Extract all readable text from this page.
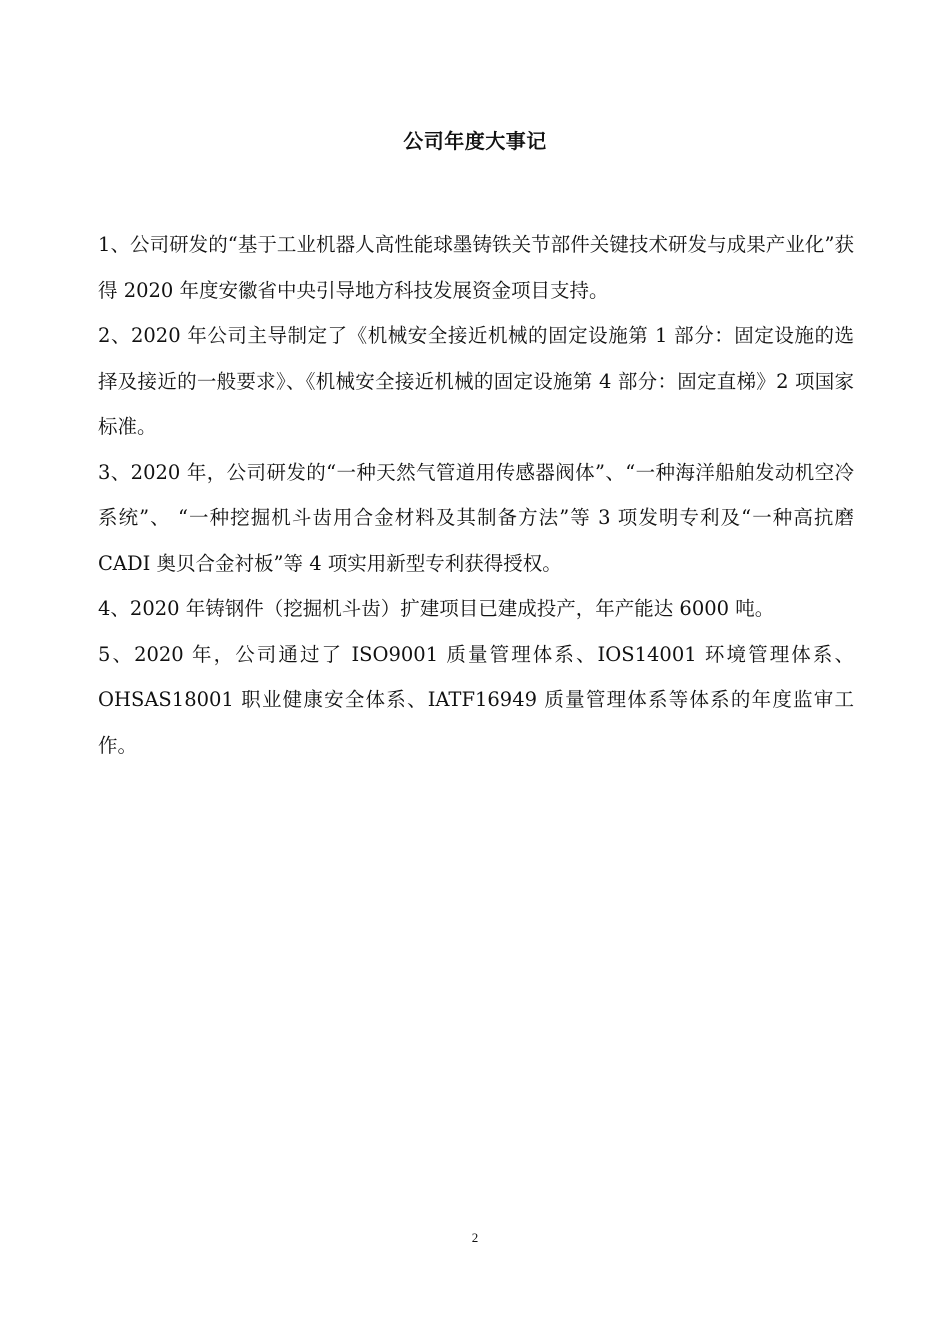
公司年度大事记

1、公司研发的“基于工业机器人高性能球墨铸铁关节部件关键技术研发与成果产业化”获得 2020 年度安徽省中央引导地方科技发展资金项目支持。

2、2020 年公司主导制定了《机械安全接近机械的固定设施第 1 部分：固定设施的选择及接近的一般要求》、《机械安全接近机械的固定设施第 4 部分：固定直梯》2 项国家标准。

3、2020 年，公司研发的“一种天然气管道用传感器阀体”、“一种海洋船舶发动机空冷系统”、 “一种挖掘机斗齿用合金材料及其制备方法”等 3 项发明专利及“一种高抗磨 CADI 奥贝合金衬板”等 4 项实用新型专利获得授权。

4、2020 年铸钢件（挖掘机斗齿）扩建项目已建成投产，年产能达 6000 吨。

5、2020 年，公司通过了 ISO9001 质量管理体系、IOS14001 环境管理体系、OHSAS18001 职业健康安全体系、IATF16949 质量管理体系等体系的年度监审工作。

2
